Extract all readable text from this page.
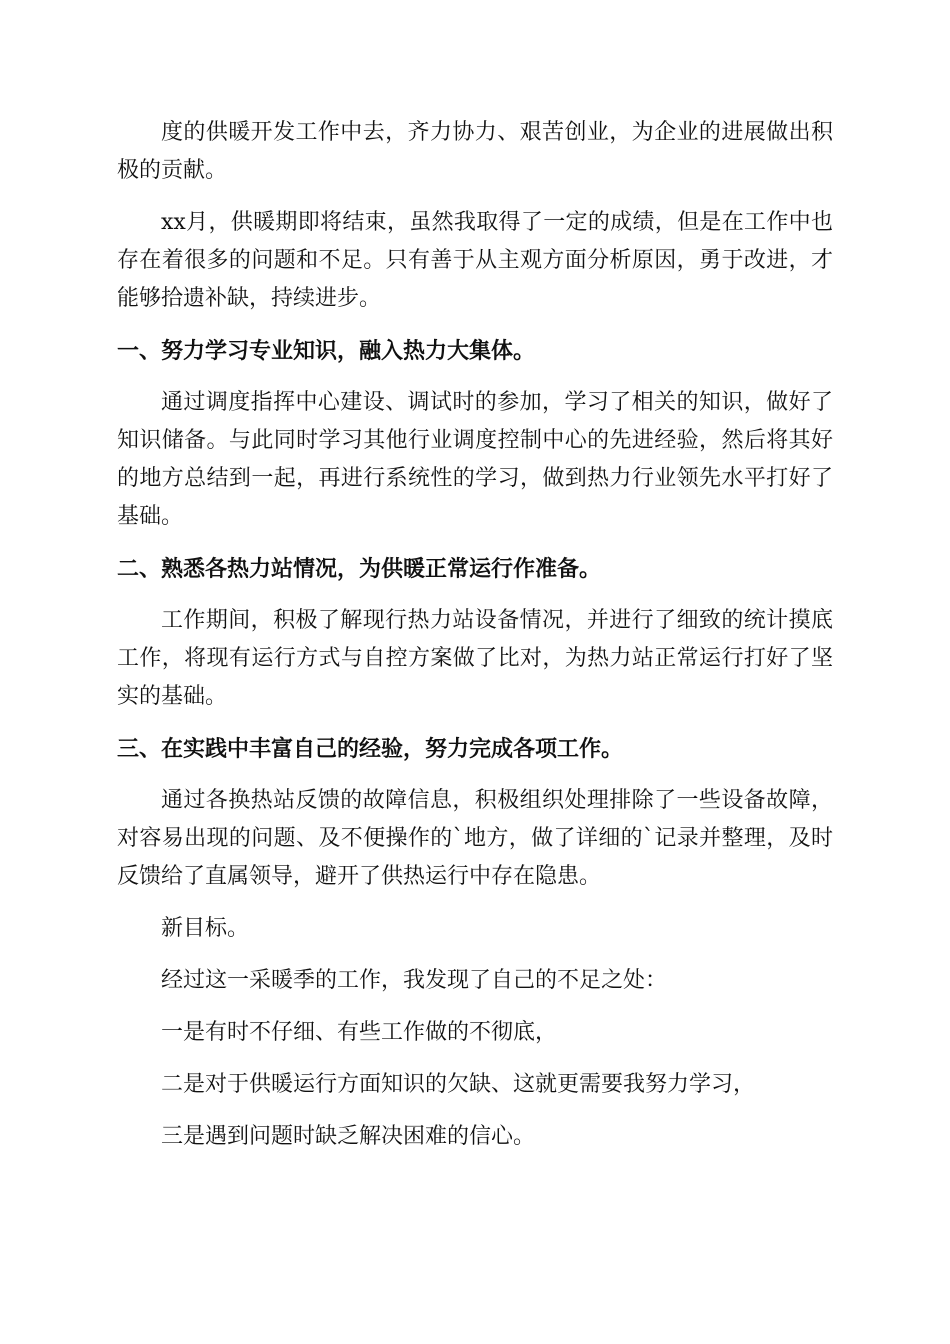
度的供暖开发工作中去，齐力协力、艰苦创业，为企业的进展做出积极的贡献。

xx月，供暖期即将结束，虽然我取得了一定的成绩，但是在工作中也存在着很多的问题和不足。只有善于从主观方面分析原因，勇于改进，才能够拾遗补缺，持续进步。

一、努力学习专业知识，融入热力大集体。

通过调度指挥中心建设、调试时的参加，学习了相关的知识，做好了知识储备。与此同时学习其他行业调度控制中心的先进经验，然后将其好的地方总结到一起，再进行系统性的学习，做到热力行业领先水平打好了基础。

二、熟悉各热力站情况，为供暖正常运行作准备。

工作期间，积极了解现行热力站设备情况，并进行了细致的统计摸底工作，将现有运行方式与自控方案做了比对，为热力站正常运行打好了坚实的基础。

三、在实践中丰富自己的经验，努力完成各项工作。

通过各换热站反馈的故障信息，积极组织处理排除了一些设备故障，对容易出现的问题、及不便操作的`地方，做了详细的`记录并整理，及时反馈给了直属领导，避开了供热运行中存在隐患。

新目标。

经过这一采暖季的工作，我发现了自己的不足之处：

一是有时不仔细、有些工作做的不彻底，

二是对于供暖运行方面知识的欠缺、这就更需要我努力学习，

三是遇到问题时缺乏解决困难的信心。
